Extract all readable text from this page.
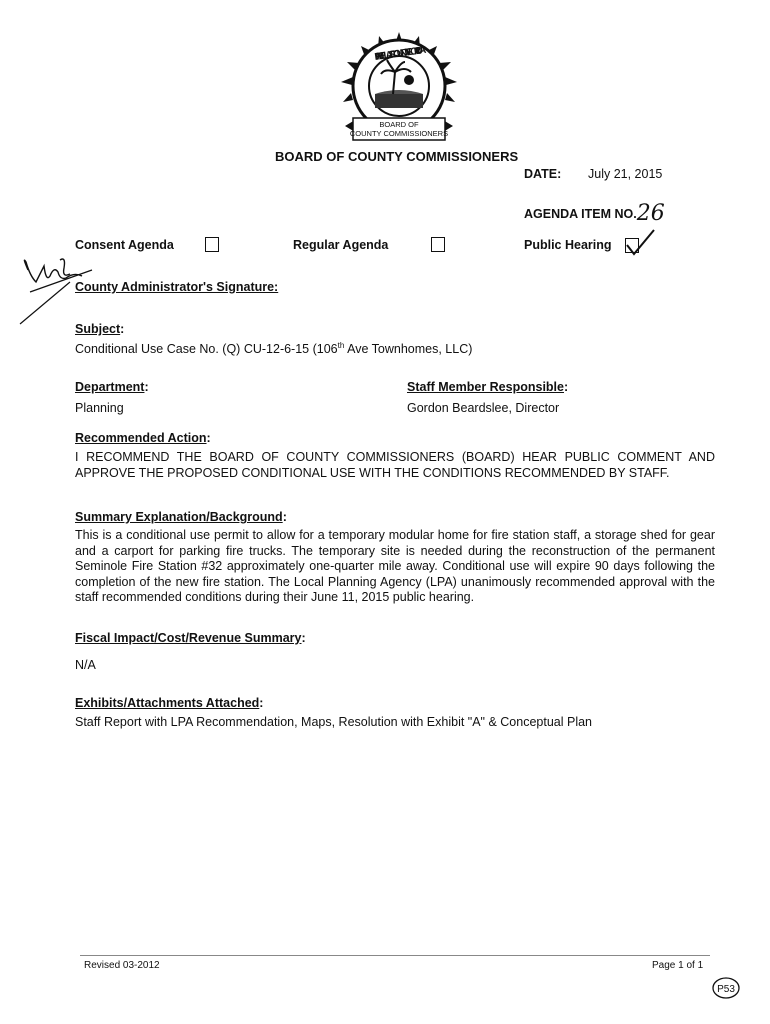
PINELLAS COUNTY FLORIDA
BOARD OF
COUNTY COMMISSIONERS
BOARD OF COUNTY COMMISSIONERS
DATE: July 21, 2015
AGENDA ITEM NO.26
Consent Agenda	Regular Agenda	Public Hearing
County Administrator's Signature:
Subject:
Conditional Use Case No. (Q) CU-12-6-15 (106th Ave Townhomes, LLC)
Department:
Planning
Staff Member Responsible:
Gordon Beardslee, Director
Recommended Action:
I RECOMMEND THE BOARD OF COUNTY COMMISSIONERS (BOARD) HEAR PUBLIC COMMENT AND APPROVE THE PROPOSED CONDITIONAL USE WITH THE CONDITIONS RECOMMENDED BY STAFF.
Summary Explanation/Background:
This is a conditional use permit to allow for a temporary modular home for fire station staff, a storage shed for gear and a carport for parking fire trucks. The temporary site is needed during the reconstruction of the permanent Seminole Fire Station #32 approximately one-quarter mile away. Conditional use will expire 90 days following the completion of the new fire station. The Local Planning Agency (LPA) unanimously recommended approval with the staff recommended conditions during their June 11, 2015 public hearing.
Fiscal Impact/Cost/Revenue Summary:
N/A
Exhibits/Attachments Attached:
Staff Report with LPA Recommendation, Maps, Resolution with Exhibit "A" & Conceptual Plan
Revised 03-2012	Page 1 of 1
P53
